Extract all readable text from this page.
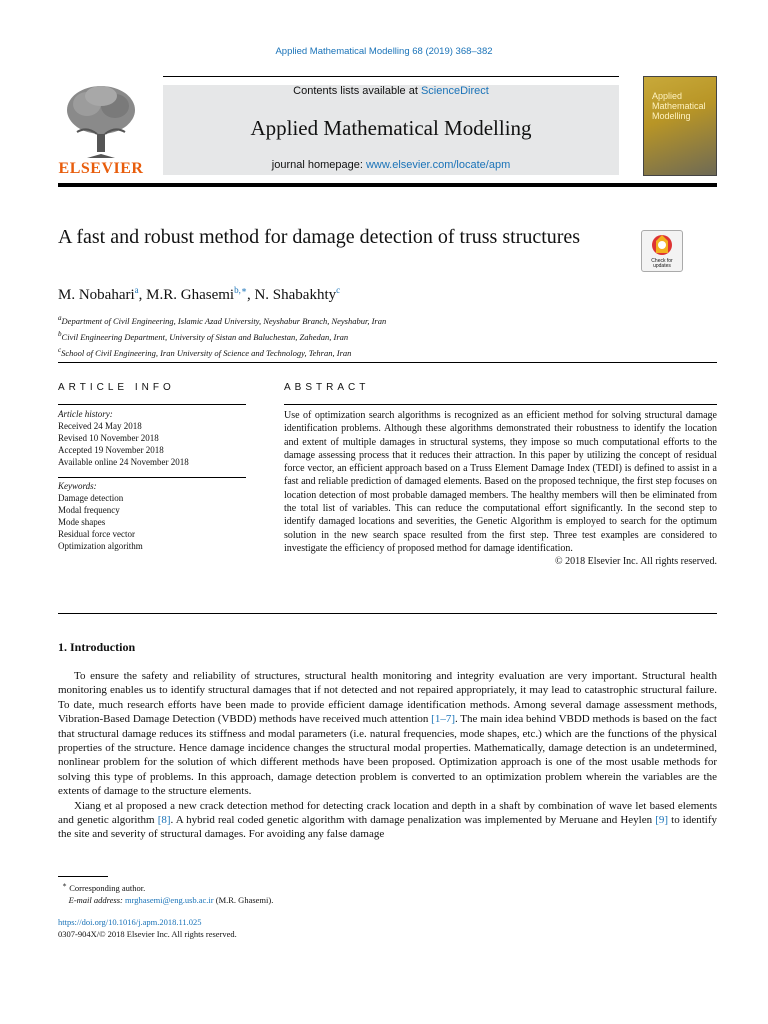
Applied Mathematical Modelling 68 (2019) 368–382
ELSEVIER
Contents lists available at ScienceDirect
Applied Mathematical Modelling
journal homepage: www.elsevier.com/locate/apm
Applied Mathematical Modelling
A fast and robust method for damage detection of truss structures
Check for updates
M. Nobahari$^a$, M.R. Ghasemi$^{b,∗}$, N. Shabakhty$^c$
$^a$Department of Civil Engineering, Islamic Azad University, Neyshabur Branch, Neyshabur, Iran
$^b$Civil Engineering Department, University of Sistan and Baluchestan, Zahedan, Iran
$^c$School of Civil Engineering, Iran University of Science and Technology, Tehran, Iran
ARTICLE INFO	ABSTRACT
Article history:
Received 24 May 2018
Revised 10 November 2018
Accepted 19 November 2018
Available online 24 November 2018
Keywords:
Damage detection
Modal frequency
Mode shapes
Residual force vector
Optimization algorithm
Use of optimization search algorithms is recognized as an efficient method for solving structural damage identification problems. Although these algorithms demonstrated their robustness to identify the location and extent of multiple damages in structural systems, they impose so much computational efforts to the damage assessing process that it reduces their attraction. In this paper by utilizing the concept of residual force vector, an efficient approach based on a Truss Element Damage Index (TEDI) is defined to assist in a fast and reliable prediction of damaged elements. Based on the proposed technique, the first step focuses on location detection of most probable damaged members. The healthy members will then be eliminated from the total list of variables. This can reduce the computational effort significantly. In the second step to identify damaged locations and severities, the Genetic Algorithm is employed to search for the optimum solution in the new search space resulted from the first step. Three test examples are considered to investigate the efficiency of proposed method for damage identification.
© 2018 Elsevier Inc. All rights reserved.
1. Introduction

To ensure the safety and reliability of structures, structural health monitoring and integrity evaluation are very important. Structural health monitoring enables us to identify structural damages that if not detected and not repaired appropriately, it may lead to catastrophic structural failure. To date, much research efforts have been made to provide efficient damage identification methods. Among several damage assessment methods, Vibration-Based Damage Detection (VBDD) methods have received much attention [1–7]. The main idea behind VBDD methods is based on the fact that structural damage reduces its stiffness and modal parameters (i.e. natural frequencies, mode shapes, etc.) which are the functions of the physical properties of the structure. Hence damage incidence changes the structural modal properties. Mathematically, damage detection is an undetermined, nonlinear problem for the solution of which different methods have been proposed. Optimization approach is one of the most usable methods for solving this type of problems. In this approach, damage detection problem is converted to an optimization problem wherein the variables are the extents of damage to the structure elements.

Xiang et al proposed a new crack detection method for detecting crack location and depth in a shaft by combination of wave let based elements and genetic algorithm [8]. A hybrid real coded genetic algorithm with damage penalization was implemented by Meruane and Heylen [9] to identify the site and severity of structural damages. For avoiding any false damage

∗ Corresponding author.
E-mail address: mrghasemi@eng.usb.ac.ir (M.R. Ghasemi).
https://doi.org/10.1016/j.apm.2018.11.025
0307-904X/© 2018 Elsevier Inc. All rights reserved.
